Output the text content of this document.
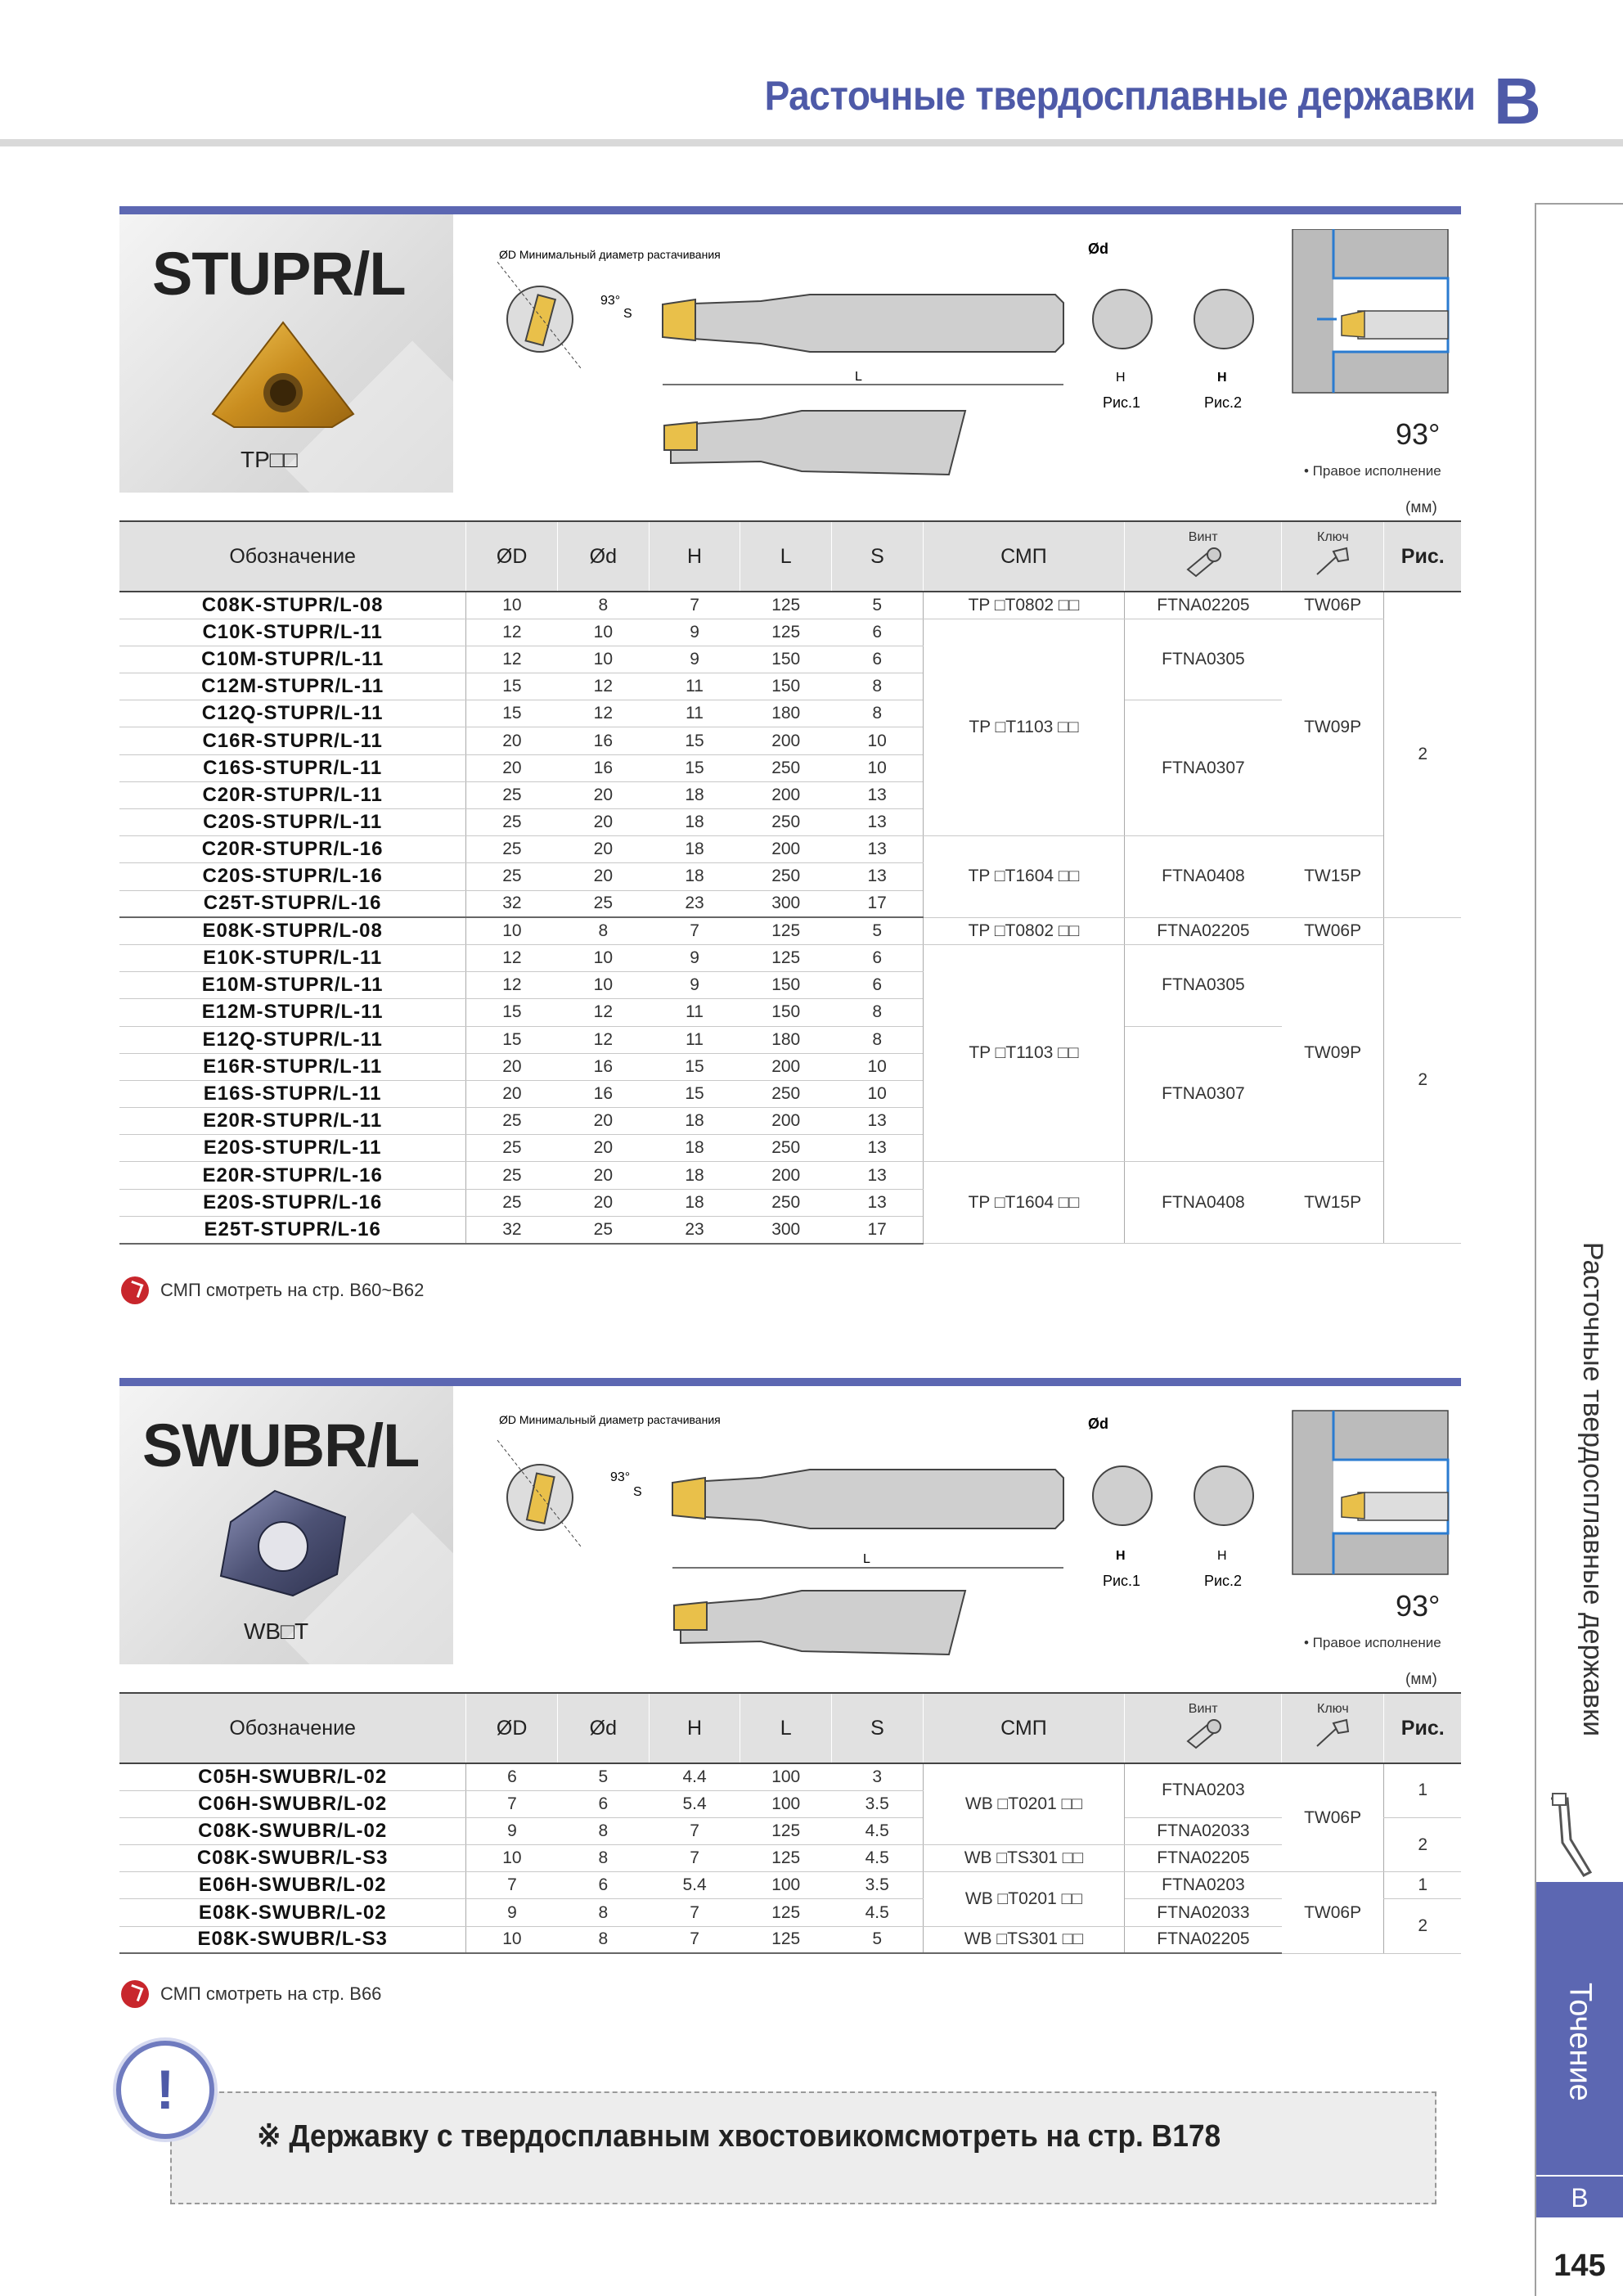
Расточные твердосплавные державки B
Расточные твердосплавные державки
Точение
B
145
STUPR/L
TP□□
L
S
93°
ØD Минимальный диаметр растачивания	Ød
H	H
Рис.1	Рис.2
93°
• Правое исполнение
(мм)
Обозначение	ØD	Ød	H	L	S	СМП	Винт	Ключ	Рис.
C08K-STUPR/L-08	10	8	7	125	5	TP □T0802 □□	FTNA02205	TW06P	2
C10K-STUPR/L-11	12	10	9	125	6	TP □T1103 □□	FTNA0305	TW09P	
C10M-STUPR/L-11	12	10	9	150	6				
C12M-STUPR/L-11	15	12	11	150	8				
C12Q-STUPR/L-11	15	12	11	180	8		FTNA0307		
C16R-STUPR/L-11	20	16	15	200	10				
C16S-STUPR/L-11	20	16	15	250	10				
C20R-STUPR/L-11	25	20	18	200	13				
C20S-STUPR/L-11	25	20	18	250	13				
C20R-STUPR/L-16	25	20	18	200	13	TP □T1604 □□	FTNA0408	TW15P	
C20S-STUPR/L-16	25	20	18	250	13				
C25T-STUPR/L-16	32	25	23	300	17				
E08K-STUPR/L-08	10	8	7	125	5	TP □T0802 □□	FTNA02205	TW06P	2
E10K-STUPR/L-11	12	10	9	125	6	TP □T1103 □□	FTNA0305	TW09P	
E10M-STUPR/L-11	12	10	9	150	6				
E12M-STUPR/L-11	15	12	11	150	8				
E12Q-STUPR/L-11	15	12	11	180	8		FTNA0307		
E16R-STUPR/L-11	20	16	15	200	10				
E16S-STUPR/L-11	20	16	15	250	10				
E20R-STUPR/L-11	25	20	18	200	13				
E20S-STUPR/L-11	25	20	18	250	13				
E20R-STUPR/L-16	25	20	18	200	13	TP □T1604 □□	FTNA0408	TW15P	
E20S-STUPR/L-16	25	20	18	250	13				
E25T-STUPR/L-16	32	25	23	300	17				
СМП смотреть на стр. B60~B62
SWUBR/L
WB□T
L
S
93°
ØD Минимальный диаметр растачивания	Ød
H	H
Рис.1	Рис.2
93°
• Правое исполнение
(мм)
Обозначение	ØD	Ød	H	L	S	СМП	Винт	Ключ	Рис.
C05H-SWUBR/L-02	6	5	4.4	100	3	WB □T0201 □□	FTNA0203	TW06P	1
C06H-SWUBR/L-02	7	6	5.4	100	3.5				
C08K-SWUBR/L-02	9	8	7	125	4.5		FTNA02033		2
C08K-SWUBR/L-S3	10	8	7	125	4.5	WB □TS301 □□	FTNA02205		
E06H-SWUBR/L-02	7	6	5.4	100	3.5	WB □T0201 □□	FTNA0203	TW06P	1
E08K-SWUBR/L-02	9	8	7	125	4.5		FTNA02033		2
E08K-SWUBR/L-S3	10	8	7	125	5	WB □TS301 □□	FTNA02205		
СМП смотреть на стр. B66
※ Державку с твердосплавным хвостовикомсмотреть на стр. B178
!
